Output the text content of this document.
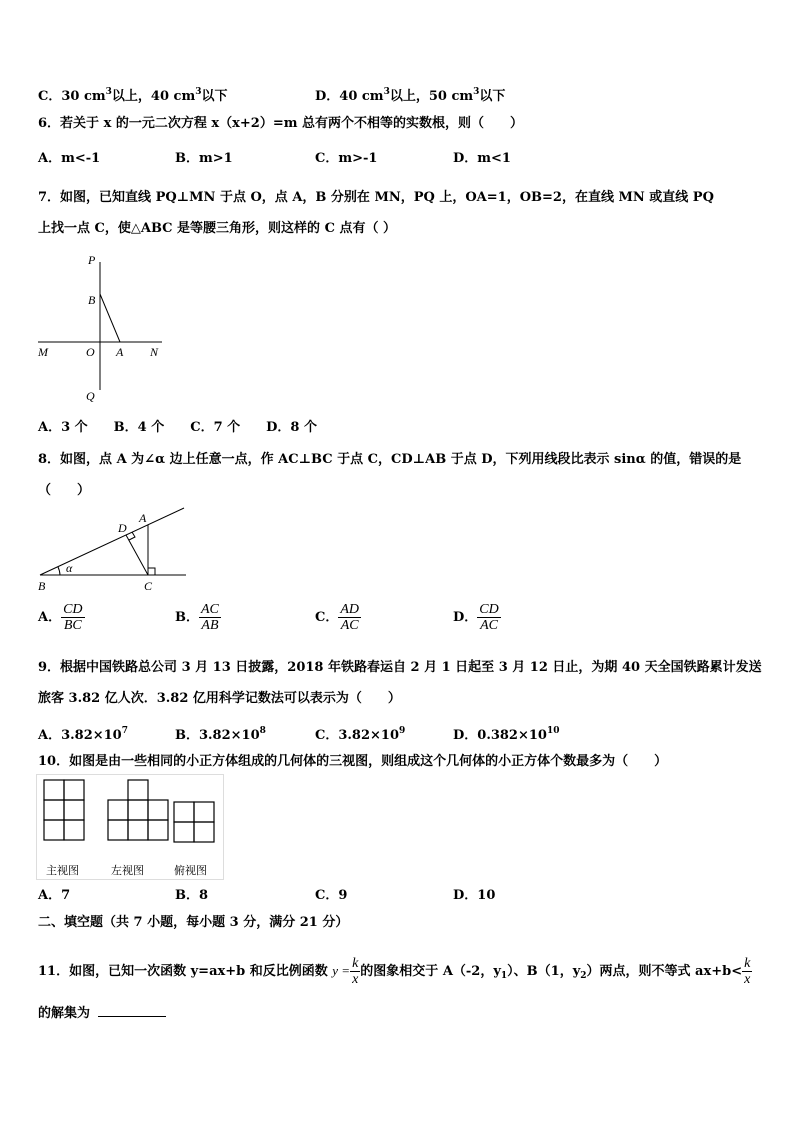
C．30 $cm^3$以上，40 $cm^3$以下	D．40 $cm^3$以上，50 $cm^3$以下
6．若关于 x 的一元二次方程 x（x+2）=m 总有两个不相等的实数根，则（　　）
A．m<-1	B．m>1	C．m>-1	D．m<1
7．如图，已知直线 PQ⊥MN 于点 O，点 A，B 分别在 MN，PQ 上，OA=1，OB=2，在直线 MN 或直线 PQ
上找一点 C，使△ABC 是等腰三角形，则这样的 C 点有（ ）
P
B
M	O A N
Q
A．3 个　　B．4 个　　C．7 个　　D．8 个
8．如图，点 A 为∠α 边上任意一点，作 AC⊥BC 于点 C，CD⊥AB 于点 D，下列用线段比表示 sinα 的值，错误的是
（　　）
A
D
B	C
α
A． $\frac{CD}{BC}$	B． $\frac{AC}{AB}$	C． $\frac{AD}{AC}$	D． $\frac{CD}{AC}$
9．根据中国铁路总公司 3 月 13 日披露，2018 年铁路春运自 2 月 1 日起至 3 月 12 日止，为期 40 天全国铁路累计发送
旅客 3.82 亿人次．3.82 亿用科学记数法可以表示为（　　）
A．$3.82\times 10^7$	B．$3.82\times 10^8$	C．$3.82\times 10^9$	D．$0.382\times 10^{10}$
10．如图是由一些相同的小正方体组成的几何体的三视图，则组成这个几何体的小正方体个数最多为（　　）
主视图	左视图	俯视图
A．7	B．8	C．9	D．10
二、填空题（共 7 小题，每小题 3 分，满分 21 分）
11．如图，已知一次函数 y=ax+b 和反比例函数 $y = \frac{k}{x}$ 的图象相交于 A（-2，$y_1$）、B（1，$y_2$）两点，则不等式 $ax+b< \frac{k}{x}$
的解集为
